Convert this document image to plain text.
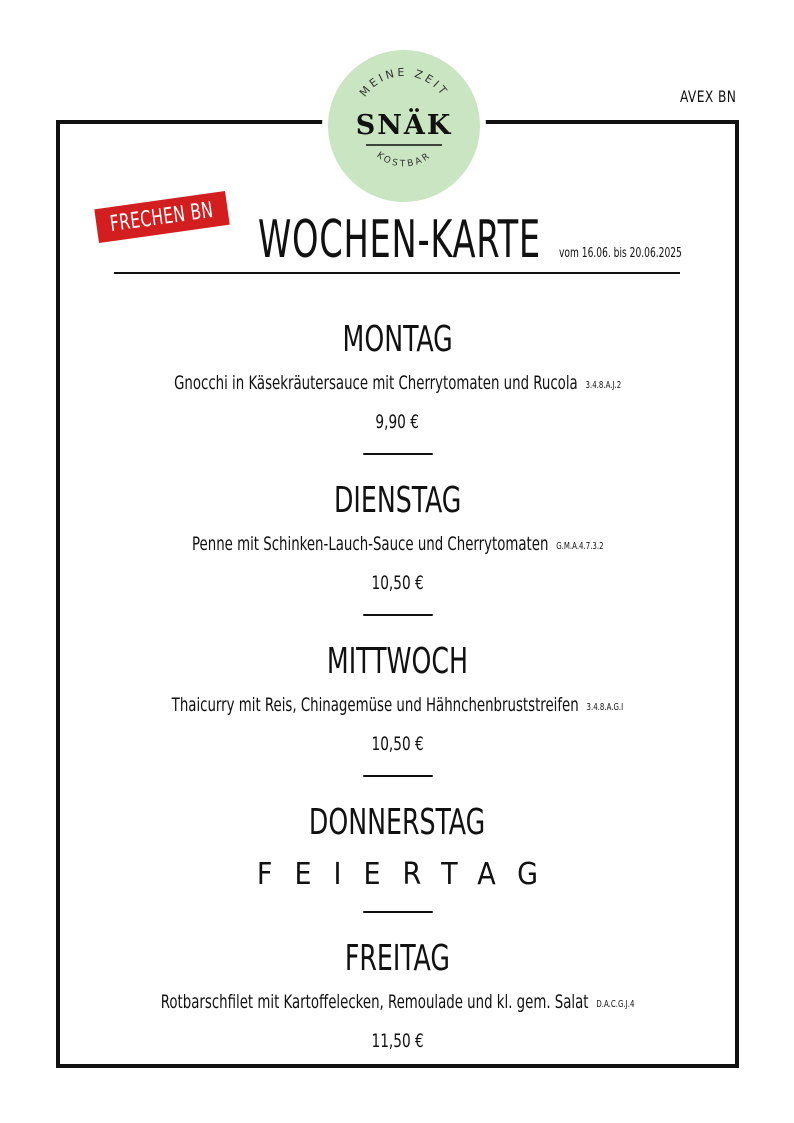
MEINE ZEIT
SNÄK
KOSTBAR
AVEX BN
FRECHEN BN WOCHEN-KARTE vom 16.06. bis 20.06.2025
MONTAG
Gnocchi in Käsekräutersauce mit Cherrytomaten und Rucola 3.4.8.A.J.2
9,90 €
DIENSTAG
Penne mit Schinken-Lauch-Sauce und Cherrytomaten G.M.A.4.7.3.2
10,50 €
MITTWOCH
Thaicurry mit Reis, Chinagemüse und Hähnchenbruststreifen 3.4.8.A.G.I
10,50 €
DONNERSTAG
FEIERTAG
FREITAG
Rotbarschfilet mit Kartoffelecken, Remoulade und kl. gem. Salat D.A.C.G.J.4
11,50 €
